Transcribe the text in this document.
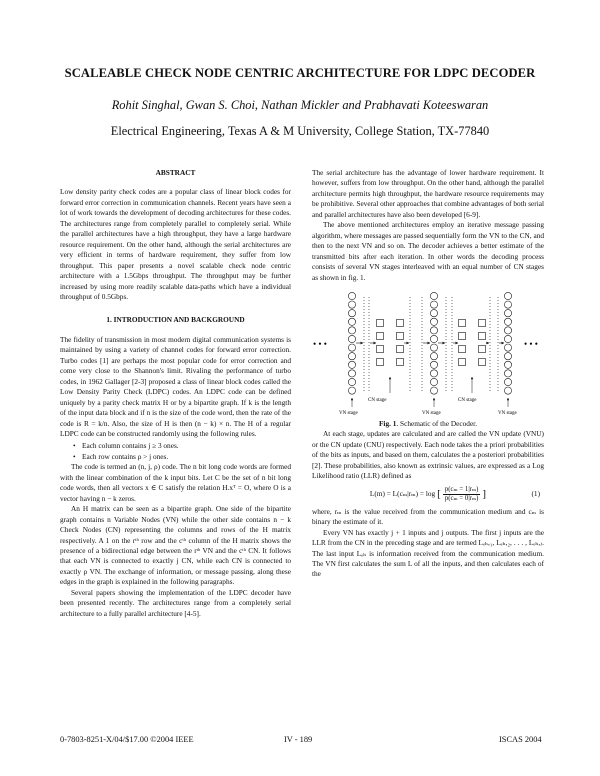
SCALEABLE CHECK NODE CENTRIC ARCHITECTURE FOR LDPC DECODER
Rohit Singhal, Gwan S. Choi, Nathan Mickler and Prabhavati Koteeswaran
Electrical Engineering, Texas A & M University, College Station, TX-77840

ABSTRACT

Low density parity check codes are a popular class of linear block codes for forward error correction in communication channels. Recent years have seen a lot of work towards the development of decoding architectures for these codes. The architectures range from completely parallel to completely serial. While the parallel architectures have a high throughput, they have a large hardware resource requirement. On the other hand, although the serial architectures are very efficient in terms of hardware requirement, they suffer from low throughput. This paper presents a novel scalable check node centric architecture with a 1.5Gbps throughput. The throughput may be further increased by using more readily scalable data-paths which have a individual throughput of 0.5Gbps.

1. INTRODUCTION AND BACKGROUND

The fidelity of transmission in most modern digital communication systems is maintained by using a variety of channel codes for forward error correction. Turbo codes [1] are perhaps the most popular code for error correction and come very close to the Shannon's limit. Rivaling the performance of turbo codes, in 1962 Gallager [2-3] proposed a class of linear block codes called the Low Density Parity Check (LDPC) codes. An LDPC code can be defined uniquely by a parity check matrix H or by a bipartite graph. If k is the length of the input data block and if n is the size of the code word, then the rate of the code is R = k/n. Also, the size of H is then (n − k) × n. The H of a regular LDPC code can be constructed randomly using the following rules.

• Each column contains j ≥ 3 ones.
• Each row contains ρ > j ones.

The code is termed an (n, j, ρ) code. The n bit long code words are formed with the linear combination of the k input bits. Let C be the set of n bit long code words, then all vectors x ∈ C satisfy the relation H.xᵀ = O, where O is a vector having n − k zeros.

An H matrix can be seen as a bipartite graph. One side of the bipartite graph contains n Variable Nodes (VN) while the other side contains n − k Check Nodes (CN) representing the columns and rows of the H matrix respectively. A 1 on the rᵗʰ row and the cᵗʰ column of the H matrix shows the presence of a bidirectional edge between the rᵗʰ VN and the cᵗʰ CN. It follows that each VN is connected to exactly j CN, while each CN is connected to exactly ρ VN. The exchange of information, or message passing, along these edges in the graph is explained in the following paragraphs.

Several papers showing the implementation of the LDPC decoder have been presented recently. The architectures range from a completely serial architecture to a fully parallel architecture [4-5].

The serial architecture has the advantage of lower hardware requirement. It however, suffers from low throughput. On the other hand, although the parallel architecture permits high throughput, the hardware resource requirements may be prohibitive. Several other approaches that combine advantages of both serial and parallel architectures have also been developed [6-9].

The above mentioned architectures employ an iterative message passing algorithm, where messages are passed sequentially form the VN to the CN, and then to the next VN and so on. The decoder achieves a better estimate of the transmitted bits after each iteration. In other words the decoding process consists of several VN stages interleaved with an equal number of CN stages as shown in fig. 1.

• • •	• • •
CN stage	CN stage
VN stage	VN stage	VN stage

Fig. 1. Schematic of the Decoder.

At each stage, updates are calculated and are called the VN update (VNU) or the CN update (CNU) respectively. Each node takes the a priori probabilities of the bits as inputs, and based on them, calculates the a posteriori probabilities [2]. These probabilities, also known as extrinsic values, are expressed as a Log Likelihood ratio (LLR) defined as

L(m) = L(cₘ|rₘ) = log [ $\frac{\text{p(cₘ = 1|rₘ)}}{\text{p(cₘ = 0|rₘ)}}$ ]	(1)

where, rₘ is the value received from the communication medium and cₘ is binary the estimate of it.

Every VN has exactly j + 1 inputs and j outputs. The first j inputs are the LLR from the CN in the preceding stage and are termed Lₑₕ,₁, Lₑₕ,₂, . . . , Lₑₕ,ⱼ. The last input Lₑₕ is information received from the communication medium. The VN first calculates the sum L of all the inputs, and then calculates each of the

0-7803-8251-X/04/$17.00 ©2004 IEEE	IV - 189	ISCAS 2004
